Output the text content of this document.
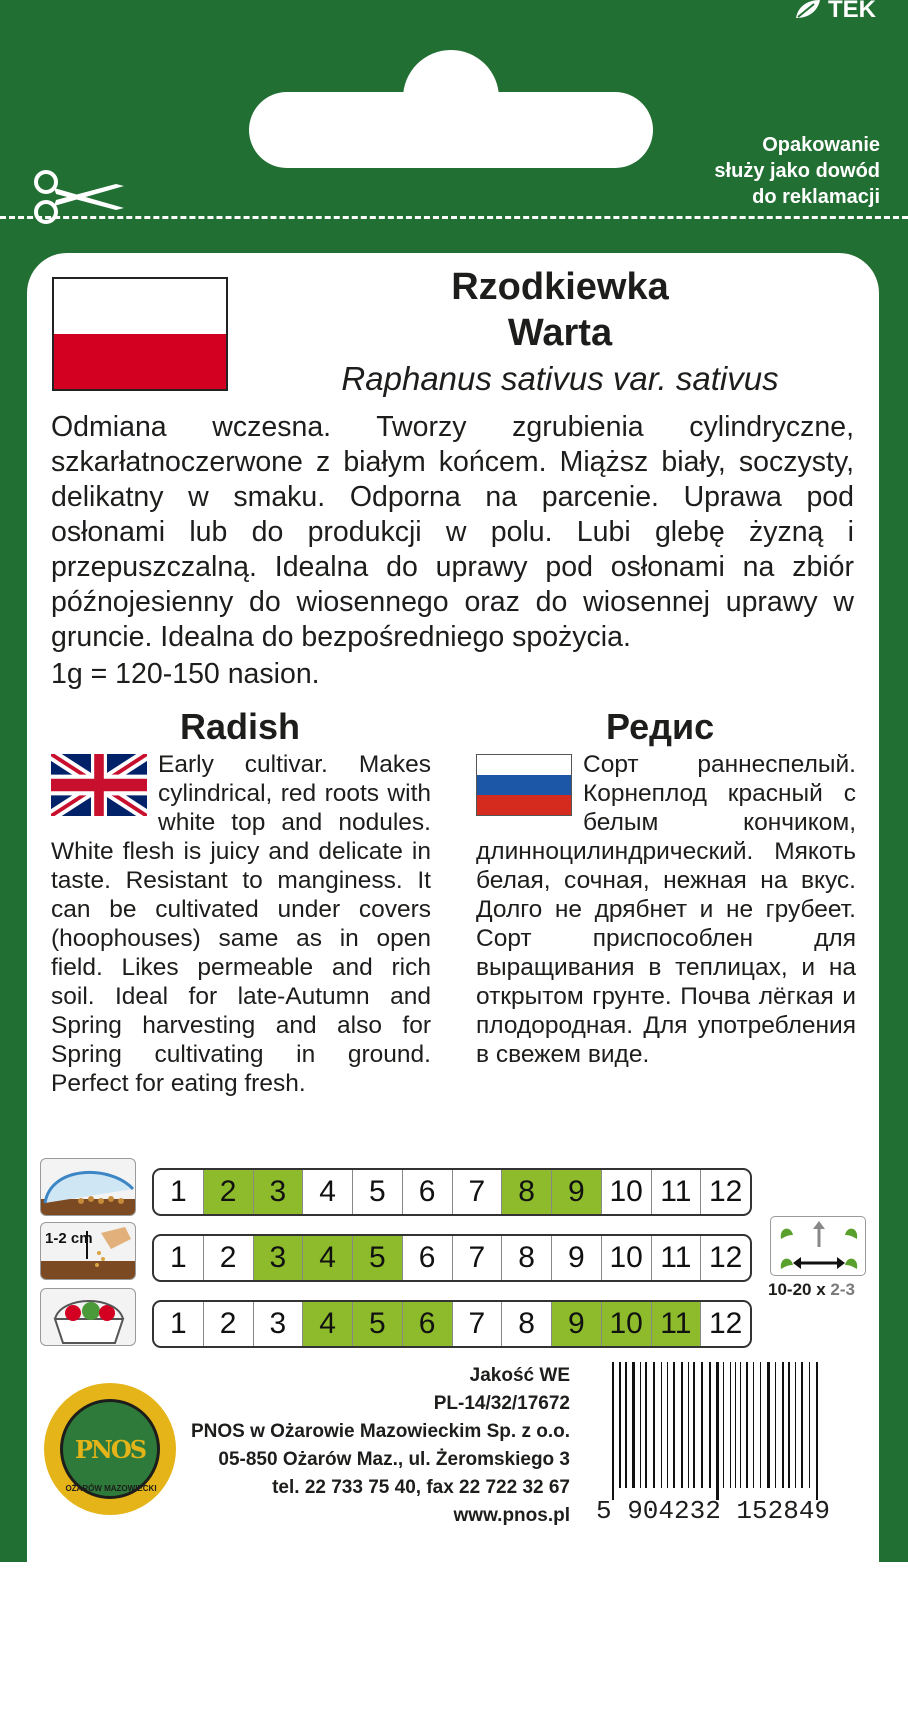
TEK
Opakowanie
służy jako dowód
do reklamacji
Rzodkiewka
Warta
Raphanus sativus var. sativus
Odmiana wczesna. Tworzy zgrubienia cylindryczne, szkarłatnoczerwone z białym końcem. Miąższ biały, soczysty, delikatny w smaku. Odporna na parcenie. Uprawa pod osłonami lub do produkcji w polu. Lubi glebę żyzną i przepuszczalną. Idealna do uprawy pod osłonami na zbiór późnojesienny do wiosennego oraz do wiosennej uprawy w gruncie. Idealna do bezpośredniego spożycia.
1g = 120-150 nasion.
Radish	Редис
Early cultivar. Makes cylindrical, red roots with white top and nodules. White flesh is juicy and delicate in taste. Resistant to manginess. It can be cultivated under covers (hoophouses) same as in open field. Likes permeable and rich soil. Ideal for late-Autumn and Spring harvesting and also for Spring cultivating in ground. Perfect for eating fresh.
Сорт раннеспелый. Корнеплод красный с белым кончиком, длинноцилиндрический. Мякоть белая, сочная, нежная на вкус. Долго не дрябнет и не грубеет. Сорт приспособлен для выращивания в теплицах, и на открытом грунте. Почва лёгкая и плодородная. Для употребления в свежем виде.
1-2 cm
1	2	3	4	5	6	7	8	9 10 11 12
1	2	3	4	5	6	7	8	9 10 11 12
1	2	3	4	5	6	7	8	9 10 11 12
10-20 x 2-3
PNOS
OŻARÓW MAZOWIECKI
Jakość WE
PL-14/32/17672
PNOS w Ożarowie Mazowieckim Sp. z o.o.
05-850 Ożarów Maz., ul. Żeromskiego 3
tel. 22 733 75 40, fax 22 722 32 67
www.pnos.pl 5 904232 152849
